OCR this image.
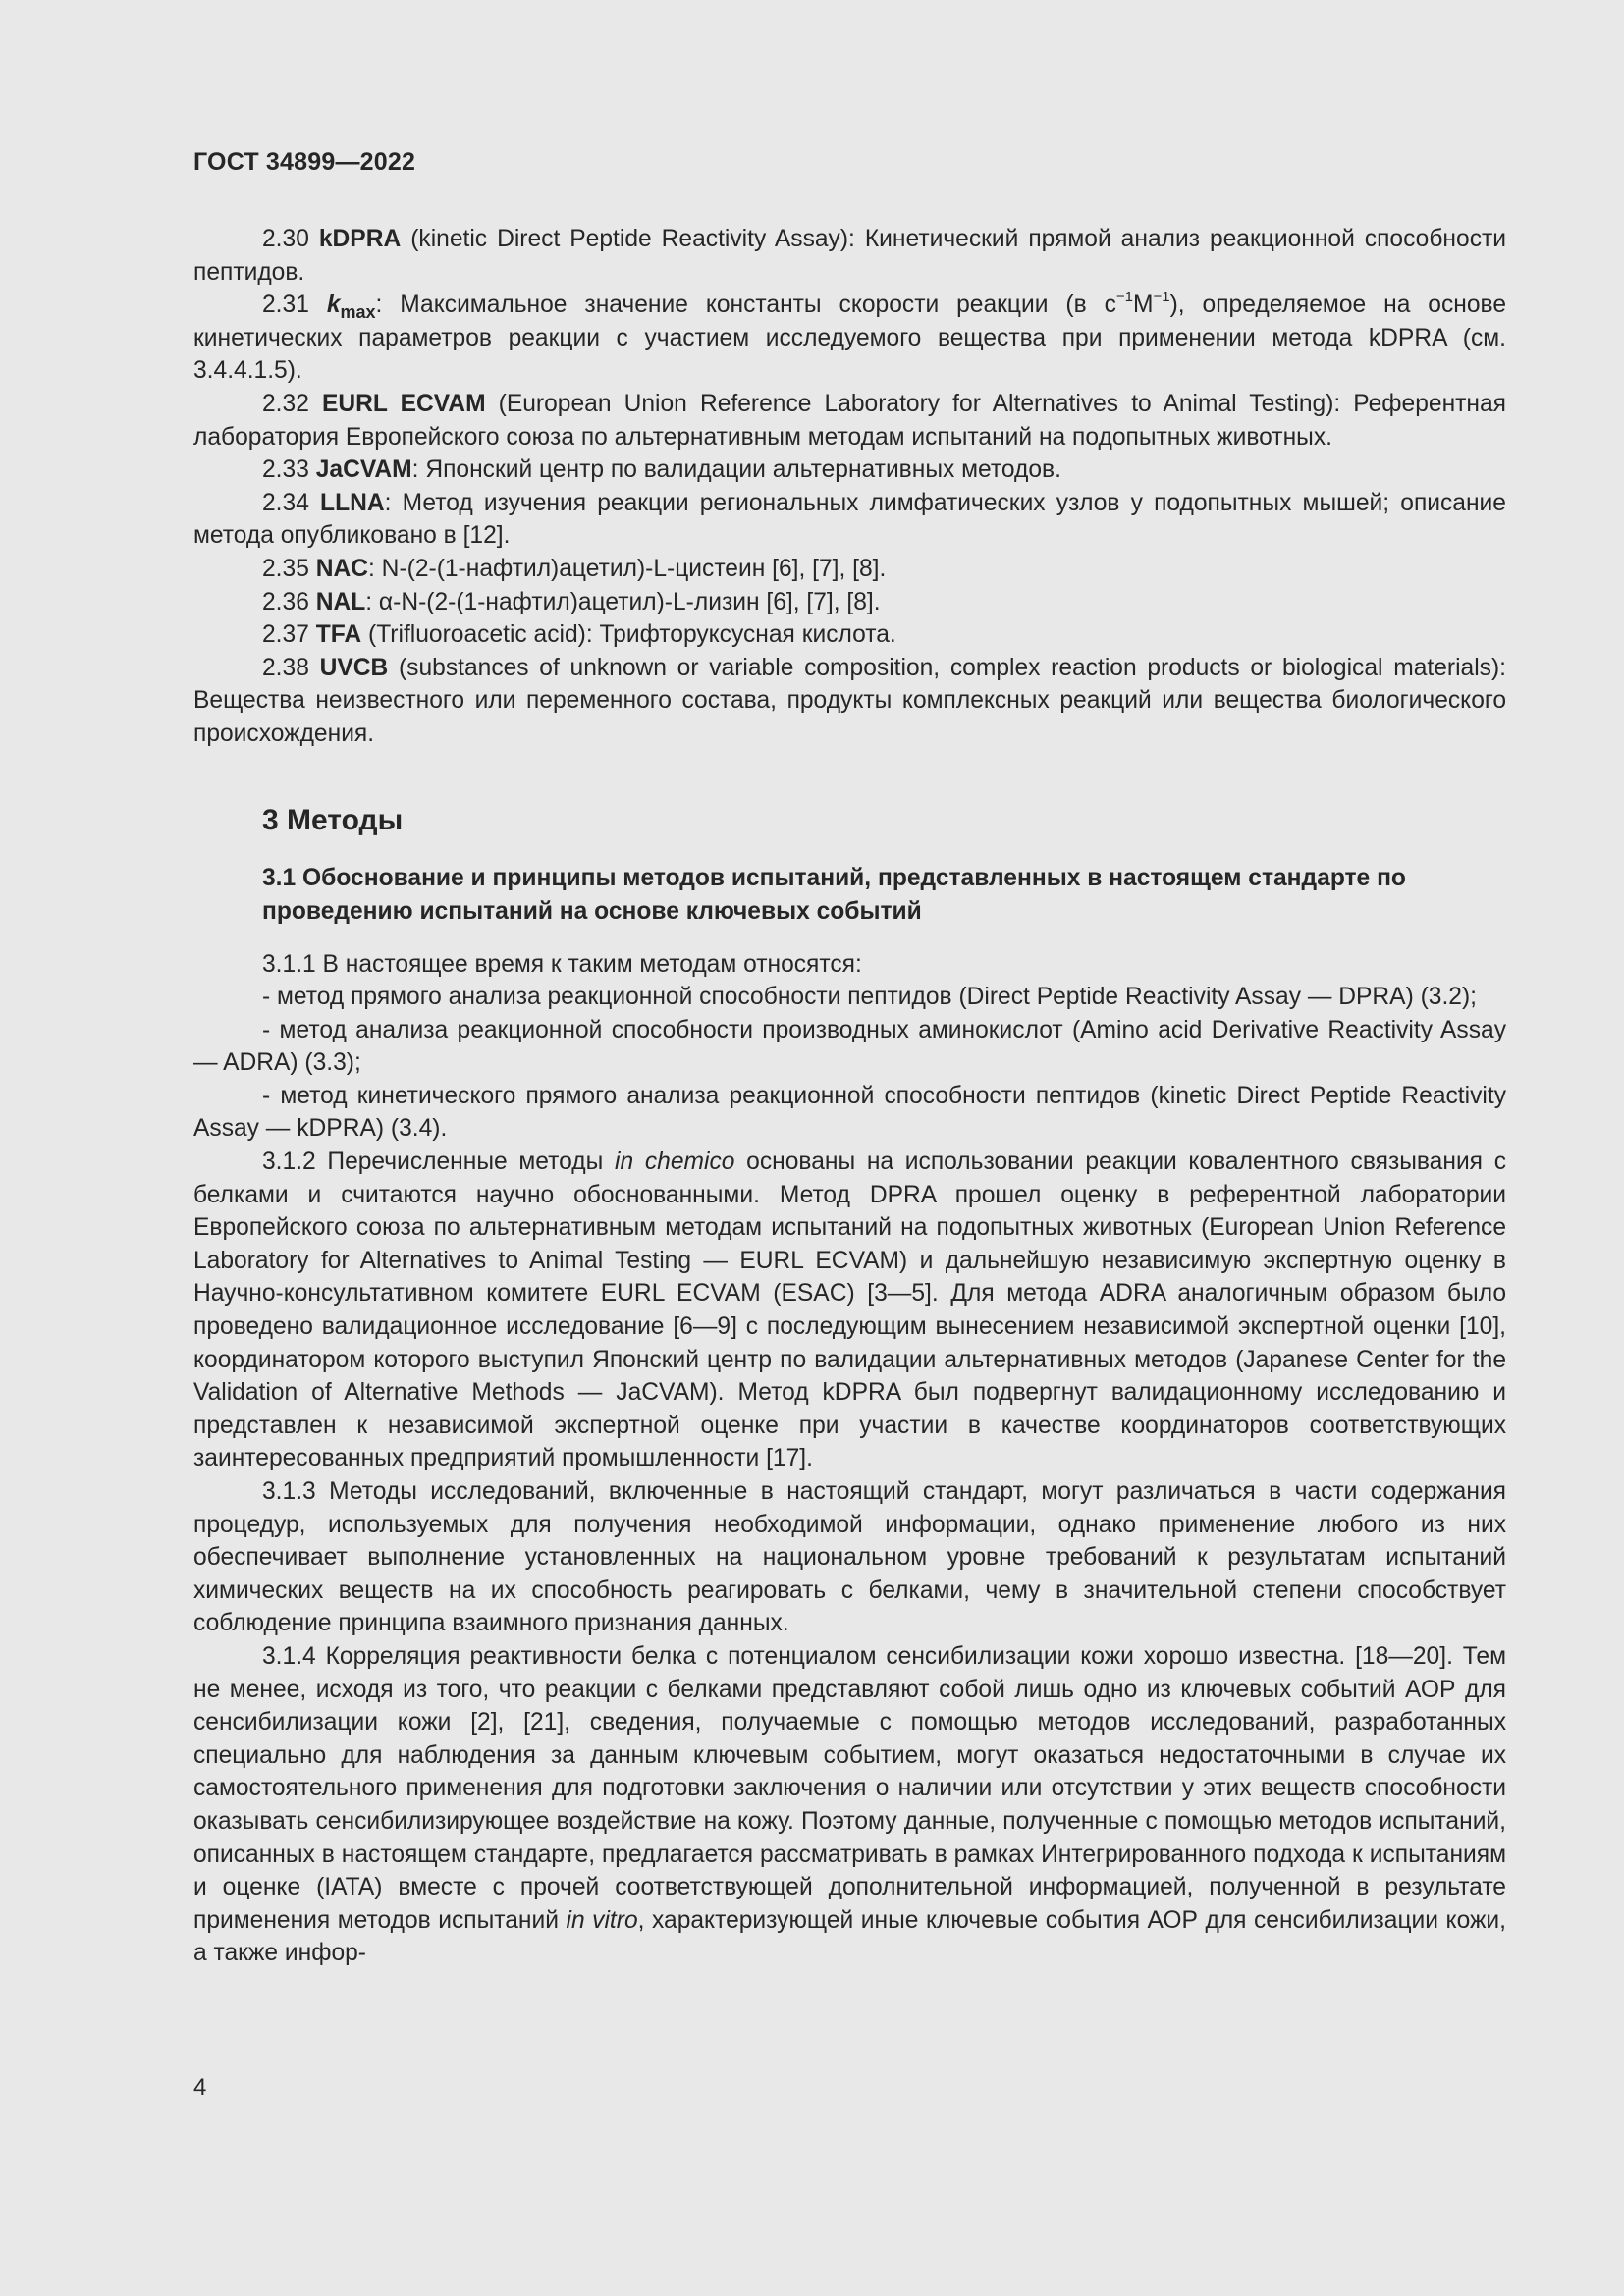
ГОСТ 34899—2022

2.30 kDPRA (kinetic Direct Peptide Reactivity Assay): Кинетический прямой анализ реакционной способности пептидов.

2.31 $k_{max}$: Максимальное значение константы скорости реакции (в $с^{-1}М^{-1}$), определяемое на основе кинетических параметров реакции с участием исследуемого вещества при применении метода kDPRA (см. 3.4.4.1.5).

2.32 EURL ECVAM (European Union Reference Laboratory for Alternatives to Animal Testing): Референтная лаборатория Европейского союза по альтернативным методам испытаний на подопытных животных.

2.33 JaCVAM: Японский центр по валидации альтернативных методов.

2.34 LLNA: Метод изучения реакции региональных лимфатических узлов у подопытных мышей; описание метода опубликовано в [12].

2.35 NAC: N-(2-(1-нафтил)ацетил)-L-цистеин [6], [7], [8].

2.36 NAL: α-N-(2-(1-нафтил)ацетил)-L-лизин [6], [7], [8].

2.37 TFA (Trifluoroacetic acid): Трифторуксусная кислота.

2.38 UVCB (substances of unknown or variable composition, complex reaction products or biological materials): Вещества неизвестного или переменного состава, продукты комплексных реакций или вещества биологического происхождения.

3 Методы
3.1 Обоснование и принципы методов испытаний, представленных в настоящем стандарте по проведению испытаний на основе ключевых событий

3.1.1 В настоящее время к таким методам относятся:

- метод прямого анализа реакционной способности пептидов (Direct Peptide Reactivity Assay — DPRA) (3.2);

- метод анализа реакционной способности производных аминокислот (Amino acid Derivative Reactivity Assay — ADRA) (3.3);

- метод кинетического прямого анализа реакционной способности пептидов (kinetic Direct Peptide Reactivity Assay — kDPRA) (3.4).

3.1.2 Перечисленные методы in chemico основаны на использовании реакции ковалентного связывания с белками и считаются научно обоснованными. Метод DPRA прошел оценку в референтной лаборатории Европейского союза по альтернативным методам испытаний на подопытных животных (European Union Reference Laboratory for Alternatives to Animal Testing — EURL ECVAM) и дальнейшую независимую экспертную оценку в Научно-консультативном комитете EURL ECVAM (ESAC) [3—5]. Для метода ADRA аналогичным образом было проведено валидационное исследование [6—9] с последующим вынесением независимой экспертной оценки [10], координатором которого выступил Японский центр по валидации альтернативных методов (Japanese Center for the Validation of Alternative Methods — JaCVAM). Метод kDPRA был подвергнут валидационному исследованию и представлен к независимой экспертной оценке при участии в качестве координаторов соответствующих заинтересованных предприятий промышленности [17].

3.1.3 Методы исследований, включенные в настоящий стандарт, могут различаться в части содержания процедур, используемых для получения необходимой информации, однако применение любого из них обеспечивает выполнение установленных на национальном уровне требований к результатам испытаний химических веществ на их способность реагировать с белками, чему в значительной степени способствует соблюдение принципа взаимного признания данных.

3.1.4 Корреляция реактивности белка с потенциалом сенсибилизации кожи хорошо известна. [18—20]. Тем не менее, исходя из того, что реакции с белками представляют собой лишь одно из ключевых событий АОР для сенсибилизации кожи [2], [21], сведения, получаемые с помощью методов исследований, разработанных специально для наблюдения за данным ключевым событием, могут оказаться недостаточными в случае их самостоятельного применения для подготовки заключения о наличии или отсутствии у этих веществ способности оказывать сенсибилизирующее воздействие на кожу. Поэтому данные, полученные с помощью методов испытаний, описанных в настоящем стандарте, предлагается рассматривать в рамках Интегрированного подхода к испытаниям и оценке (IATA) вместе с прочей соответствующей дополнительной информацией, полученной в результате применения методов испытаний in vitro, характеризующей иные ключевые события АОР для сенсибилизации кожи, а также инфор-

4
